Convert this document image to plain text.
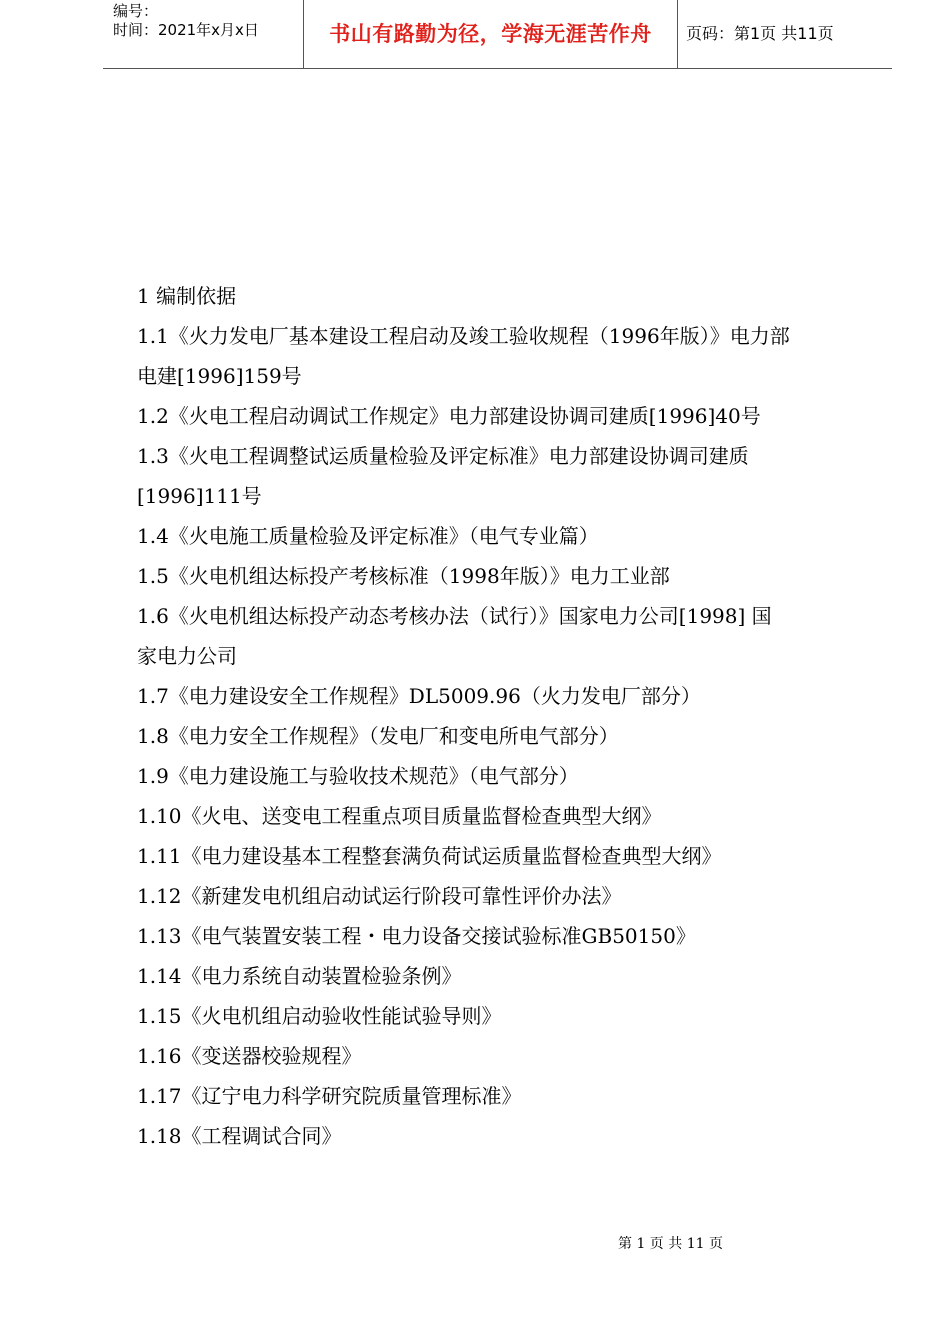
编号：
时间：2021年x月x日	书山有路勤为径，学海无涯苦作舟	页码：第1页 共11页
1 编制依据
1.1《火力发电厂基本建设工程启动及竣工验收规程（1996年版）》电力部
电建[1996]159号
1.2《火电工程启动调试工作规定》电力部建设协调司建质[1996]40号
1.3《火电工程调整试运质量检验及评定标准》电力部建设协调司建质
[1996]111号
1.4《火电施工质量检验及评定标准》（电气专业篇）
1.5《火电机组达标投产考核标准（1998年版）》电力工业部
1.6《火电机组达标投产动态考核办法（试行）》国家电力公司[1998] 国
家电力公司
1.7《电力建设安全工作规程》DL5009.96（火力发电厂部分）
1.8《电力安全工作规程》（发电厂和变电所电气部分）
1.9《电力建设施工与验收技术规范》（电气部分）
1.10《火电、送变电工程重点项目质量监督检查典型大纲》
1.11《电力建设基本工程整套满负荷试运质量监督检查典型大纲》
1.12《新建发电机组启动试运行阶段可靠性评价办法》
1.13《电气装置安装工程・电力设备交接试验标准GB50150》
1.14《电力系统自动装置检验条例》
1.15《火电机组启动验收性能试验导则》
1.16《变送器校验规程》
1.17《辽宁电力科学研究院质量管理标准》
1.18《工程调试合同》
第 1 页 共 11 页
